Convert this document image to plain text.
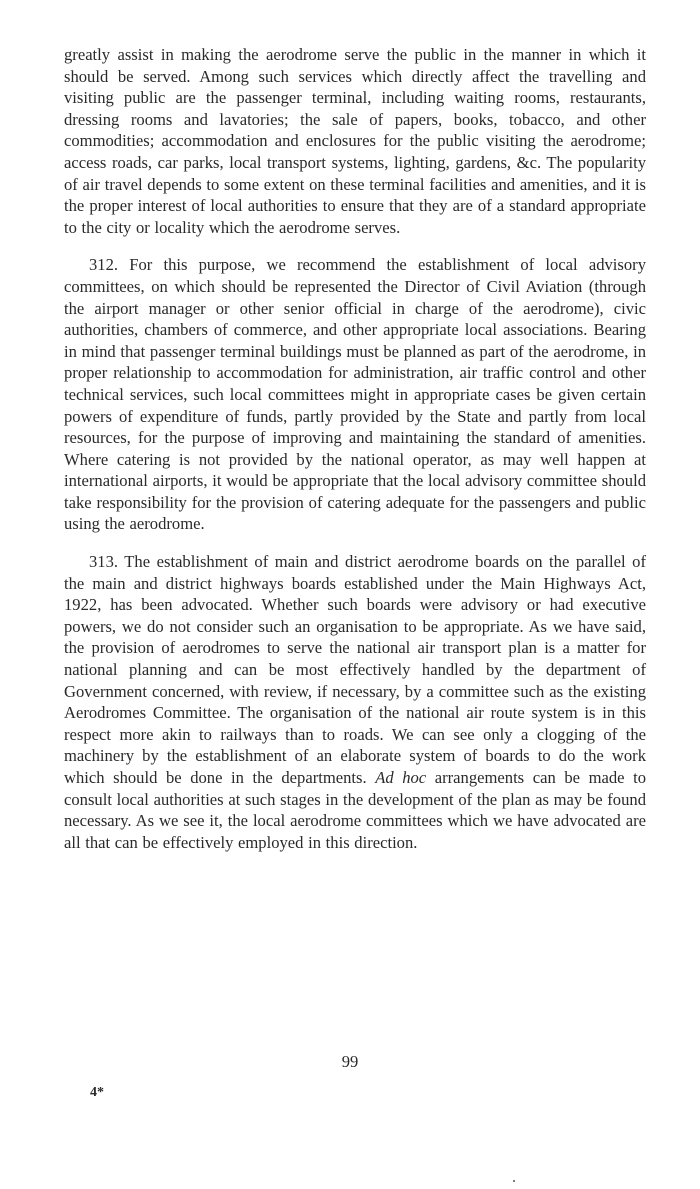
greatly assist in making the aerodrome serve the public in the manner in which it should be served. Among such services which directly affect the travelling and visiting public are the passenger terminal, including waiting rooms, restaurants, dressing rooms and lavatories; the sale of papers, books, tobacco, and other commodities; accommodation and enclosures for the public visiting the aerodrome; access roads, car parks, local transport systems, lighting, gardens, &c. The popularity of air travel depends to some extent on these terminal facilities and amenities, and it is the proper interest of local authorities to ensure that they are of a standard appropriate to the city or locality which the aerodrome serves.

312. For this purpose, we recommend the establishment of local advisory committees, on which should be represented the Director of Civil Aviation (through the airport manager or other senior official in charge of the aerodrome), civic authorities, chambers of commerce, and other appropriate local associations. Bearing in mind that passenger terminal buildings must be planned as part of the aerodrome, in proper relationship to accommodation for administration, air traffic control and other technical services, such local committees might in appropriate cases be given certain powers of expenditure of funds, partly provided by the State and partly from local resources, for the purpose of improving and maintaining the standard of amenities. Where catering is not provided by the national operator, as may well happen at international airports, it would be appropriate that the local advisory committee should take responsibility for the provision of catering adequate for the passengers and public using the aerodrome.

313. The establishment of main and district aerodrome boards on the parallel of the main and district highways boards established under the Main Highways Act, 1922, has been advocated. Whether such boards were advisory or had executive powers, we do not consider such an organisation to be appropriate. As we have said, the provision of aerodromes to serve the national air transport plan is a matter for national planning and can be most effectively handled by the department of Government concerned, with review, if necessary, by a committee such as the existing Aerodromes Committee. The organisation of the national air route system is in this respect more akin to railways than to roads. We can see only a clogging of the machinery by the establishment of an elaborate system of boards to do the work which should be done in the departments. Ad hoc arrangements can be made to consult local authorities at such stages in the development of the plan as may be found necessary. As we see it, the local aerodrome committees which we have advocated are all that can be effectively employed in this direction.

99
4*
